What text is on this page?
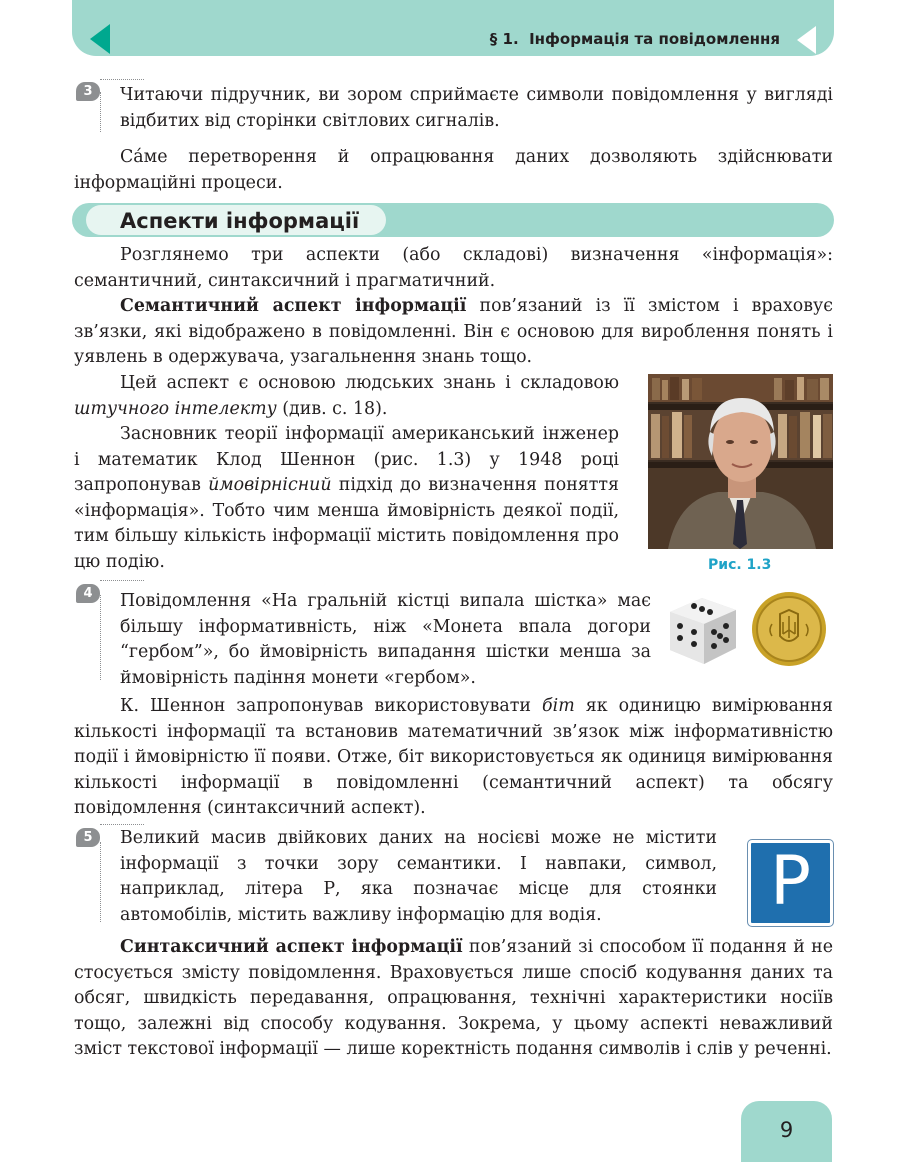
§ 1. Інформація та повідомлення
3	Читаючи підручник, ви зором сприймаєте символи повідомлення у вигляді відбитих від сторінки світлових сигналів.

Са́ме перетворення й опрацювання даних дозволяють здійснювати інформаційні процеси.

Аспекти інформації

Розглянемо три аспекти (або складові) визначення «інформація»: семантичний, синтаксичний і прагматичний.

Семантичний аспект інформації пов’язаний із її змістом і враховує зв’язки, які відображено в повідомленні. Він є основою для вироблення понять і уявлень в одержувача, узагальнення знань тощо.

Цей аспект є основою людських знань і складовою штучного інтелекту (див. с. 18).

Засновник теорії інформації американський інженер і математик Клод Шеннон (рис. 1.3) у 1948 році запропонував ймовірнісний підхід до визначення поняття «інформація». Тобто чим менша ймовірність деякої події, тим більшу кількість інформації містить повідомлення про цю подію.	Рис. 1.3
4	Повідомлення «На гральній кістці випала шістка» має більшу інформативність, ніж «Монета впала догори “гербом”», бо ймовірність випадання шістки менша за ймовірність падіння монети «гербом».

К. Шеннон запропонував використовувати біт як одиницю вимірювання кількості інформації та встановив математичний зв’язок між інформативністю події і ймовірністю її появи. Отже, біт використовується як одиниця вимірювання кількості інформації в повідомленні (семантичний аспект) та обсягу повідомлення (синтаксичний аспект).

5	Великий масив двійкових даних на носієві може не містити інформації з точки зору семантики. І навпаки, символ, наприклад, літера Р, яка позначає місце для стоянки автомобілів, містить важливу інформацію для водія.	P

Синтаксичний аспект інформації пов’язаний зі способом її подання й не стосується змісту повідомлення. Враховується лише спосіб кодування даних та обсяг, швидкість передавання, опрацювання, технічні характеристики носіїв тощо, залежні від способу кодування. Зокрема, у цьому аспекті неважливий зміст текстової інформації — лише коректність подання символів і слів у реченні.

9
